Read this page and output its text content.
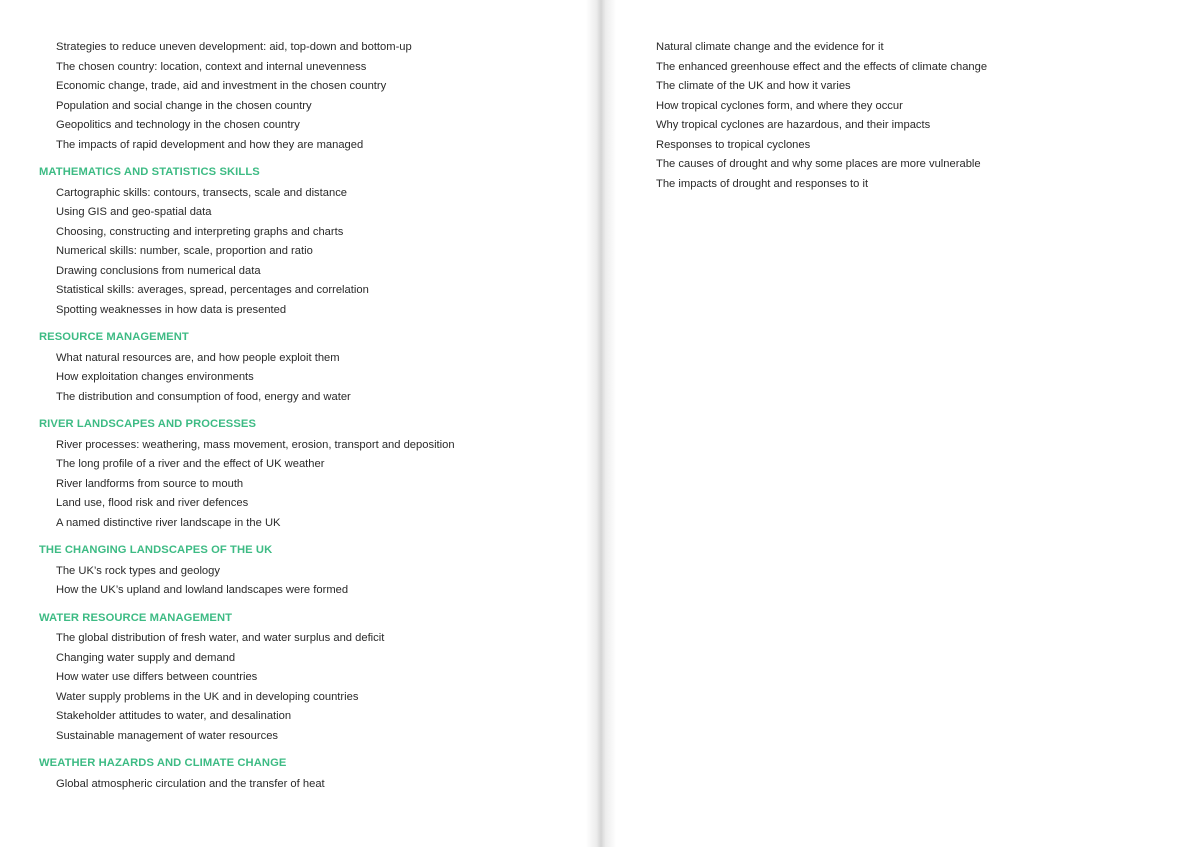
Strategies to reduce uneven development: aid, top-down and bottom-up
The chosen country: location, context and internal unevenness
Economic change, trade, aid and investment in the chosen country
Population and social change in the chosen country
Geopolitics and technology in the chosen country
The impacts of rapid development and how they are managed
MATHEMATICS AND STATISTICS SKILLS
Cartographic skills: contours, transects, scale and distance
Using GIS and geo-spatial data
Choosing, constructing and interpreting graphs and charts
Numerical skills: number, scale, proportion and ratio
Drawing conclusions from numerical data
Statistical skills: averages, spread, percentages and correlation
Spotting weaknesses in how data is presented
RESOURCE MANAGEMENT
What natural resources are, and how people exploit them
How exploitation changes environments
The distribution and consumption of food, energy and water
RIVER LANDSCAPES AND PROCESSES
River processes: weathering, mass movement, erosion, transport and deposition
The long profile of a river and the effect of UK weather
River landforms from source to mouth
Land use, flood risk and river defences
A named distinctive river landscape in the UK
THE CHANGING LANDSCAPES OF THE UK
The UK’s rock types and geology
How the UK’s upland and lowland landscapes were formed
WATER RESOURCE MANAGEMENT
The global distribution of fresh water, and water surplus and deficit
Changing water supply and demand
How water use differs between countries
Water supply problems in the UK and in developing countries
Stakeholder attitudes to water, and desalination
Sustainable management of water resources
WEATHER HAZARDS AND CLIMATE CHANGE
Global atmospheric circulation and the transfer of heat
Natural climate change and the evidence for it
The enhanced greenhouse effect and the effects of climate change
The climate of the UK and how it varies
How tropical cyclones form, and where they occur
Why tropical cyclones are hazardous, and their impacts
Responses to tropical cyclones
The causes of drought and why some places are more vulnerable
The impacts of drought and responses to it
